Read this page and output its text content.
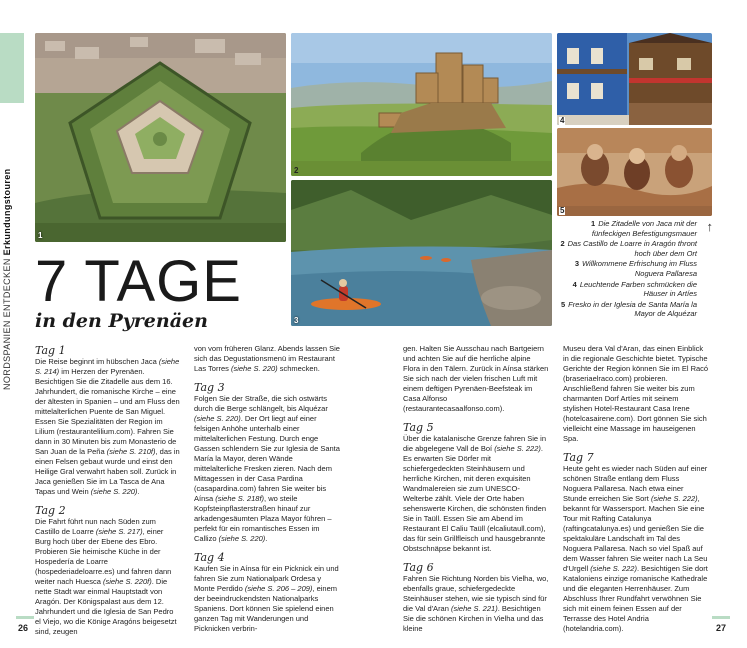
NORDSPANIEN ENTDECKEN Erkundungstouren	1
2
3
4
5
↑
1 Die Zitadelle von Jaca mit der fünfeckigen Befestigungsmauer
2 Das Castillo de Loarre in Aragón thront hoch über dem Ort
3 Willkommene Erfrischung im Fluss Noguera Pallaresa
4 Leuchtende Farben schmücken die Häuser in Artíes
5 Fresko in der Iglesia de Santa María la Mayor de Alquézar
7 TAGE
in den Pyrenäen
Tag 1

Die Reise beginnt im hübschen Jaca (siehe S. 214) im Herzen der Pyrenäen. Besichtigen Sie die Zitadelle aus dem 16. Jahrhundert, die romanische Kirche – eine der ältesten in Spanien – und am Fluss den mittelalterlichen Puente de San Miguel. Essen Sie Spezialitäten der Region im Lilium (restaurantelilium.com). Fahren Sie dann in 30 Minuten bis zum Monasterio de San Juan de la Peña (siehe S. 210f), das in einen Felsen gebaut wurde und einst den Heilige Gral verwahrt haben soll. Zurück in Jaca genießen Sie im La Tasca de Ana Tapas und Wein (siehe S. 220).

Tag 2

Die Fahrt führt nun nach Süden zum Castillo de Loarre (siehe S. 217), einer Burg hoch über der Ebene des Ebro. Probieren Sie heimische Küche in der Hospedería de Loarre (hospederiadeloarre.es) und fahren dann weiter nach Huesca (siehe S. 220f). Die nette Stadt war einmal Hauptstadt von Aragón. Der Königspalast aus dem 12. Jahrhundert und die Iglesia de San Pedro el Viejo, wo die Könige Aragóns beigesetzt sind, zeugen

von vom früheren Glanz. Abends lassen Sie sich das Degustationsmenü im Restaurant Las Torres (siehe S. 220) schmecken.

Tag 3

Folgen Sie der Straße, die sich ostwärts durch die Berge schlängelt, bis Alquézar (siehe S. 220). Der Ort liegt auf einer felsigen Anhöhe unterhalb einer mittelalterlichen Festung. Durch enge Gassen schlendern Sie zur Iglesia de Santa María la Mayor, deren Wände mittelalterliche Fresken zieren. Nach dem Mittagessen in der Casa Pardina (casapardina.com) fahren Sie weiter bis Aínsa (siehe S. 218f), wo steile Kopfsteinpflasterstraßen hinauf zur arkadengesäumten Plaza Mayor führen – perfekt für ein romantisches Essen im Callizo (siehe S. 220).

Tag 4

Kaufen Sie in Aínsa für ein Picknick ein und fahren Sie zum Nationalpark Ordesa y Monte Perdido (siehe S. 206 – 209), einem der beeindruckendsten Nationalparks Spaniens. Dort können Sie spielend einen ganzen Tag mit Wanderungen und Picknicken verbrin-

gen. Halten Sie Ausschau nach Bartgeiern und achten Sie auf die herrliche alpine Flora in den Tälern. Zurück in Aínsa stärken Sie sich nach der vielen frischen Luft mit einem deftigen Pyrenäen-Beefsteak im Casa Alfonso (restaurantecasaalfonso.com).

Tag 5

Über die katalanische Grenze fahren Sie in die abgelegene Vall de Boí (siehe S. 222). Es erwarten Sie Dörfer mit schiefergedeckten Steinhäusern und herrliche Kirchen, mit deren exquisiten Wandmalereien sie zum UNESCO-Welterbe zählt. Viele der Orte haben sehenswerte Kirchen, die schönsten finden Sie in Taüll. Essen Sie am Abend im Restaurant El Caliu Taüll (elcaliutaull.com), das für sein Grillfleisch und hausgebrannte Obstschnäpse bekannt ist.

Tag 6

Fahren Sie Richtung Norden bis Vielha, wo, ebenfalls graue, schiefergedeckte Steinhäuser stehen, wie sie typisch sind für die Val d'Aran (siehe S. 221). Besichtigen Sie die schönen Kirchen in Vielha und das kleine

Museu dera Val d'Aran, das einen Einblick in die regionale Geschichte bietet. Typische Gerichte der Region können Sie im El Racó (braseriaelraco.com) probieren. Anschließend fahren Sie weiter bis zum charmanten Dorf Artíes mit seinem stylishen Hotel-Restaurant Casa Irene (hotelcasairene.com). Dort gönnen Sie sich vielleicht eine Massage im hauseigenen Spa.

Tag 7

Heute geht es wieder nach Süden auf einer schönen Straße entlang dem Fluss Noguera Pallaresa. Nach etwa einer Stunde erreichen Sie Sort (siehe S. 222), bekannt für Wassersport. Machen Sie eine Tour mit Rafting Catalunya (raftingcatalunya.es) und genießen Sie die spektakuläre Landschaft im Tal des Noguera Pallaresa. Nach so viel Spaß auf dem Wasser fahren Sie weiter nach La Seu d'Urgell (siehe S. 222). Besichtigen Sie dort Kataloniens einzige romanische Kathedrale und die eleganten Herrenhäuser. Zum Abschluss Ihrer Rundfahrt verwöhnen Sie sich mit einem feinen Essen auf der Terrasse des Hotel Andria (hotelandria.com).

26	27
